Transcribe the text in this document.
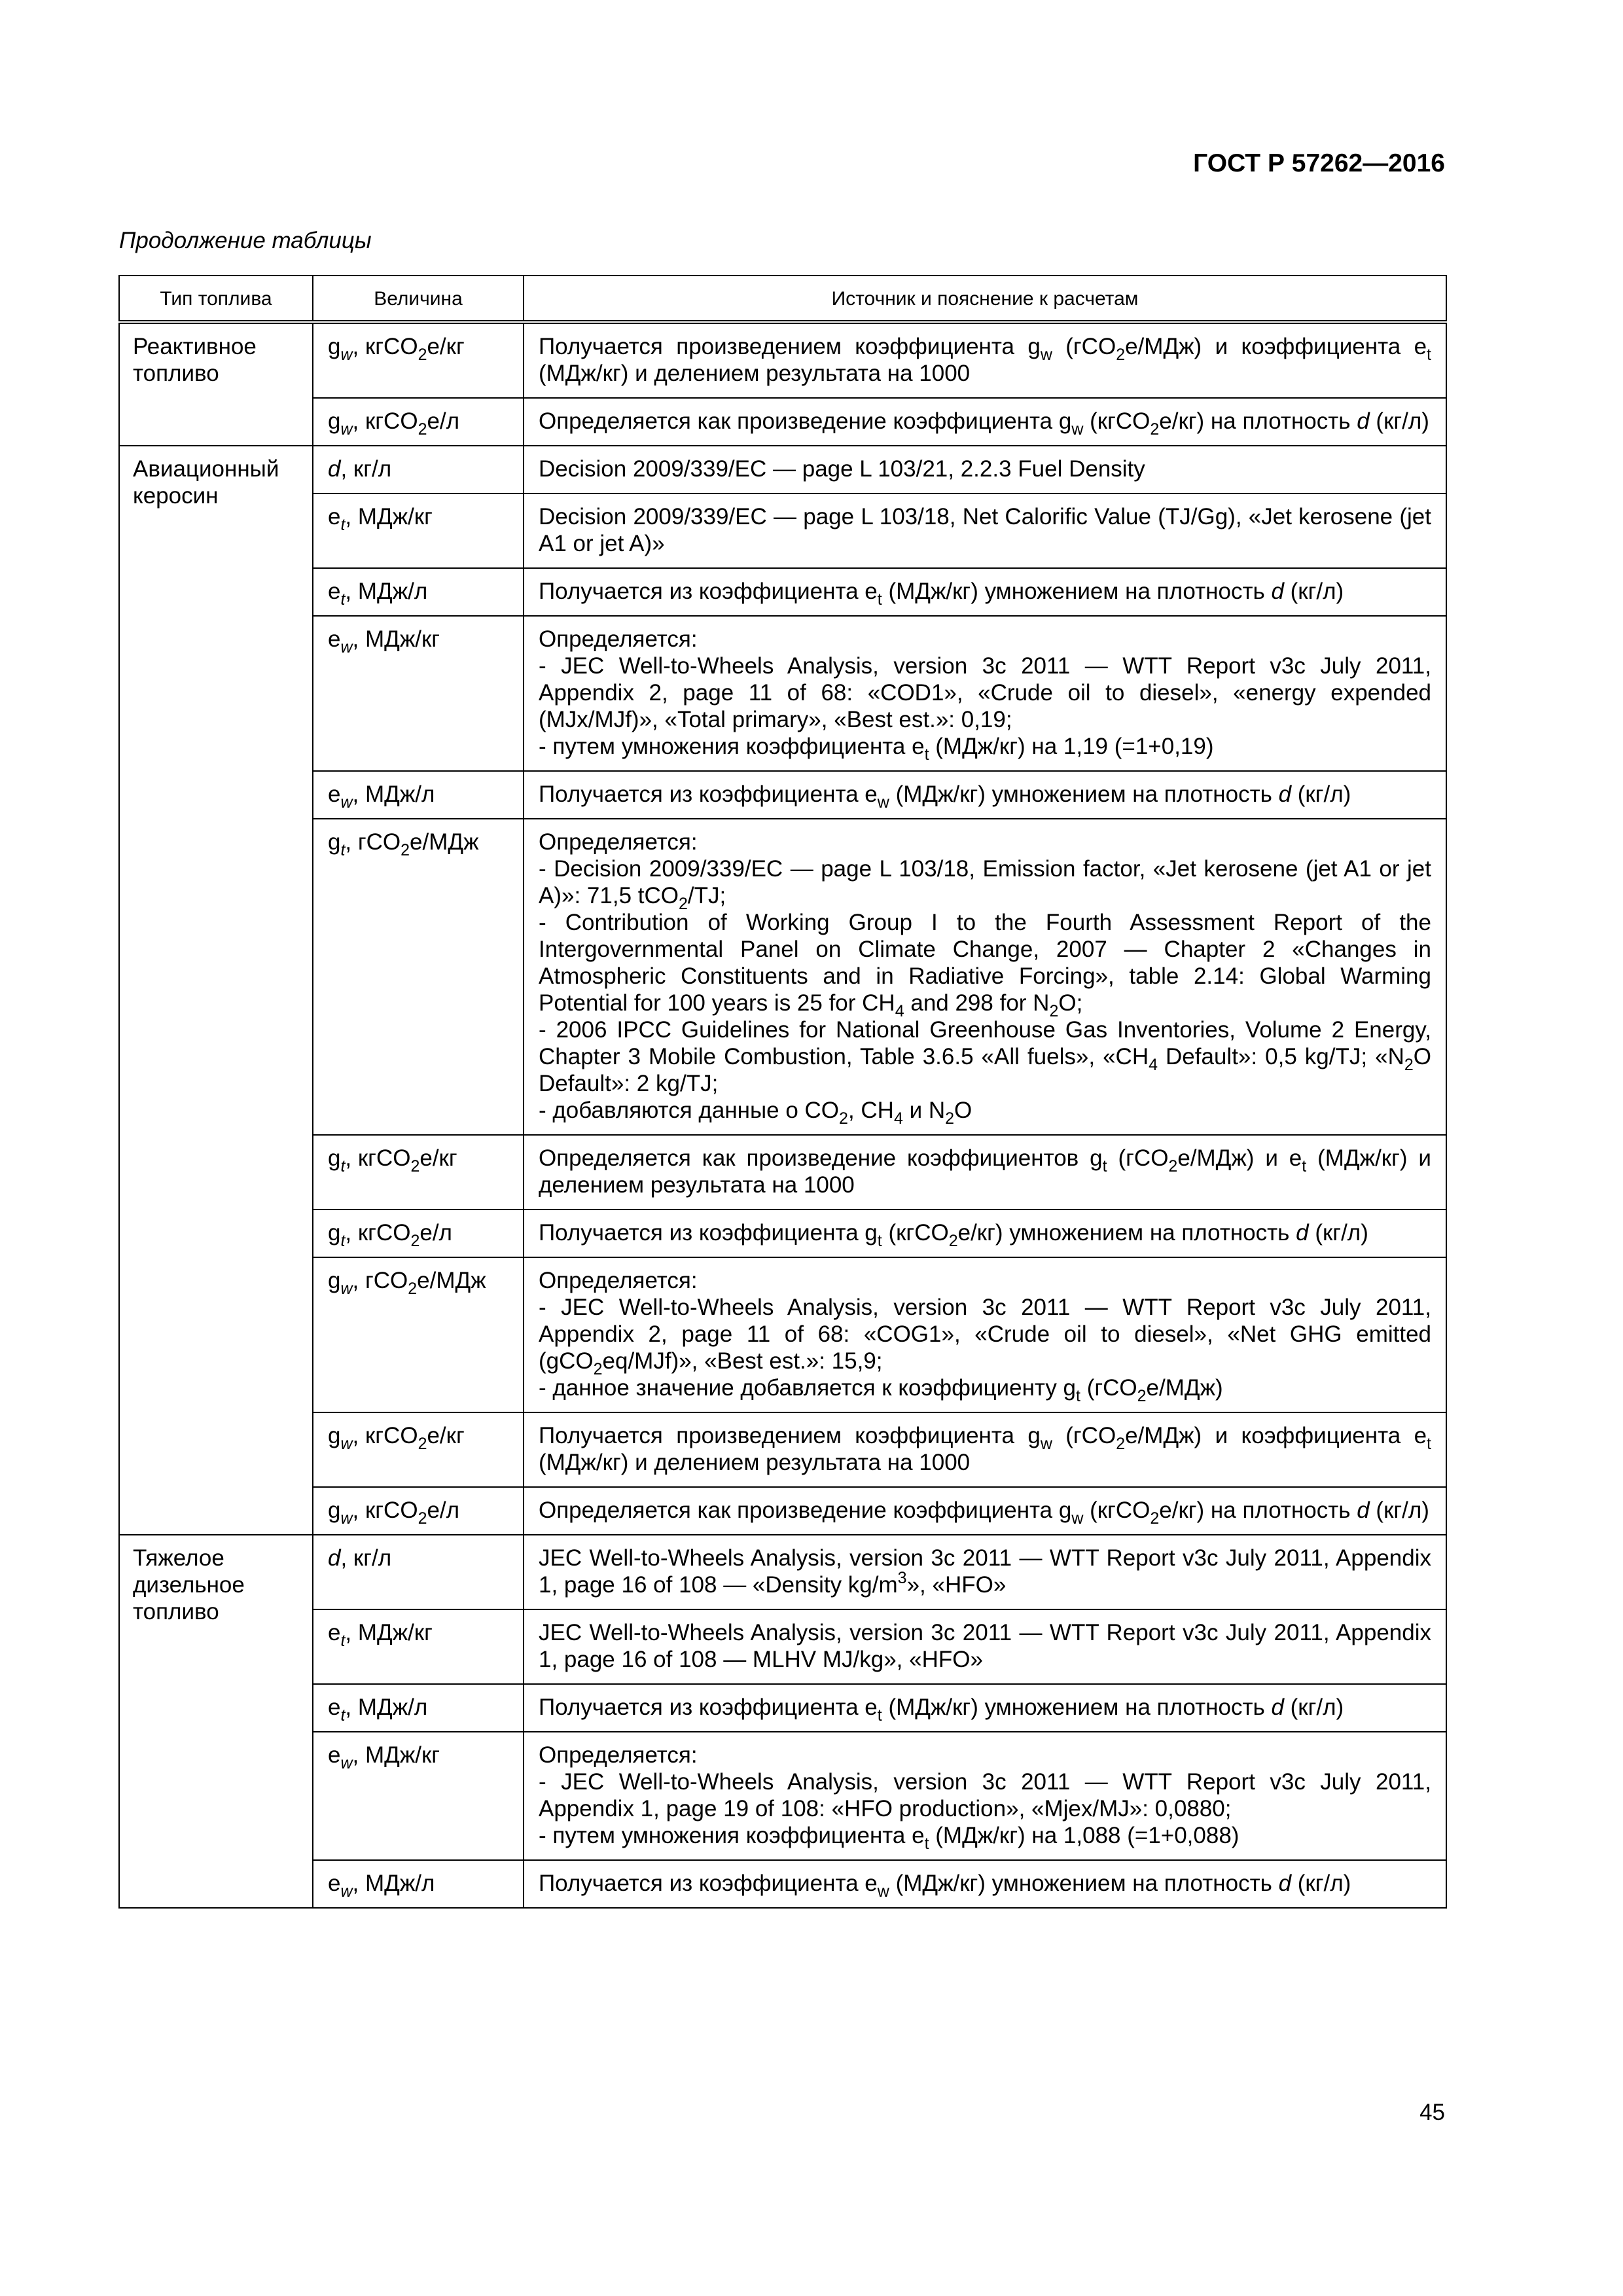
ГОСТ Р 57262—2016
Продолжение таблицы
Тип топлива	Величина	Источник и пояснение к расчетам

Реактивное
топливо	$g_w$, кгCO$_2$e/кг	Получается произведением коэффициента $g_w$ (гCO$_2$e/МДж) и коэффициента $e_t$ (МДж/кг) и делением результата на 1000

	$g_w$, кгCO$_2$e/л	Определяется как произведение коэффициента $g_w$ (кгCO$_2$e/кг) на плотность d (кг/л)

Авиационный
керосин	d, кг/л	Decision 2009/339/EC — page L 103/21, 2.2.3 Fuel Density

	$e_t$, МДж/кг	Decision 2009/339/EC — page L 103/18, Net Calorific Value (TJ/Gg), «Jet kerosene (jet A1 or jet A)»

	$e_t$, МДж/л	Получается из коэффициента $e_t$ (МДж/кг) умножением на плотность d (кг/л)

	$e_w$, МДж/кг	Определяется:
- JEC Well-to-Wheels Analysis, version 3c 2011 — WTT Report v3c July 2011, Appendix 2, page 11 of 68: «COD1», «Crude oil to diesel», «energy expended (MJx/MJf)», «Total primary», «Best est.»: 0,19;
- путем умножения коэффициента $e_t$ (МДж/кг) на 1,19 (=1+0,19)

	$e_w$, МДж/л	Получается из коэффициента $e_w$ (МДж/кг) умножением на плотность d (кг/л)

	$g_t$, гCO$_2$e/МДж	Определяется:
- Decision 2009/339/EC — page L 103/18, Emission factor, «Jet kerosene (jet A1 or jet A)»: 71,5 tCO$_2$/TJ;
- Contribution of Working Group I to the Fourth Assessment Report of the Intergovernmental Panel on Climate Change, 2007 — Chapter 2 «Changes in Atmospheric Constituents and in Radiative Forcing», table 2.14: Global Warming Potential for 100 years is 25 for $CH_4$ and 298 for $N_2O$;
- 2006 IPCC Guidelines for National Greenhouse Gas Inventories, Volume 2 Energy, Chapter 3 Mobile Combustion, Table 3.6.5 «All fuels», «$CH_4$ Default»: 0,5 kg/TJ; «$N_2O$ Default»: 2 kg/TJ;
- добавляются данные о $CO_2$, $CH_4$ и $N_2O$

	$g_t$, кгCO$_2$e/кг	Определяется как произведение коэффициентов $g_t$ (гCO$_2$e/МДж) и $e_t$ (МДж/кг) и делением результата на 1000

	$g_t$, кгCO$_2$e/л	Получается из коэффициента $g_t$ (кгCO$_2$e/кг) умножением на плотность d (кг/л)

	$g_w$, гCO$_2$e/МДж	Определяется:
- JEC Well-to-Wheels Analysis, version 3c 2011 — WTT Report v3c July 2011, Appendix 2, page 11 of 68: «COG1», «Crude oil to diesel», «Net GHG emitted (gCO$_2$eq/MJf)», «Best est.»: 15,9;
- данное значение добавляется к коэффициенту $g_t$ (гCO$_2$e/МДж)

	$g_w$, кгCO$_2$e/кг	Получается произведением коэффициента $g_w$ (гCO$_2$e/МДж) и коэффициента $e_t$ (МДж/кг) и делением результата на 1000

	$g_w$, кгCO$_2$e/л	Определяется как произведение коэффициента $g_w$ (кгCO$_2$e/кг) на плотность d (кг/л)

Тяжелое
дизельное
топливо	d, кг/л	JEC Well-to-Wheels Analysis, version 3c 2011 — WTT Report v3c July 2011, Appendix 1, page 16 of 108 — «Density $kg/m^3$», «HFO»

	$e_t$, МДж/кг	JEC Well-to-Wheels Analysis, version 3c 2011 — WTT Report v3c July 2011, Appendix 1, page 16 of 108 — MLHV MJ/kg», «HFO»

	$e_t$, МДж/л	Получается из коэффициента $e_t$ (МДж/кг) умножением на плотность d (кг/л)

	$e_w$, МДж/кг	Определяется:
- JEC Well-to-Wheels Analysis, version 3c 2011 — WTT Report v3c July 2011, Appendix 1, page 19 of 108: «HFO production», «Mjex/MJ»: 0,0880;
- путем умножения коэффициента $e_t$ (МДж/кг) на 1,088 (=1+0,088)

	$e_w$, МДж/л	Получается из коэффициента $e_w$ (МДж/кг) умножением на плотность d (кг/л)
45
